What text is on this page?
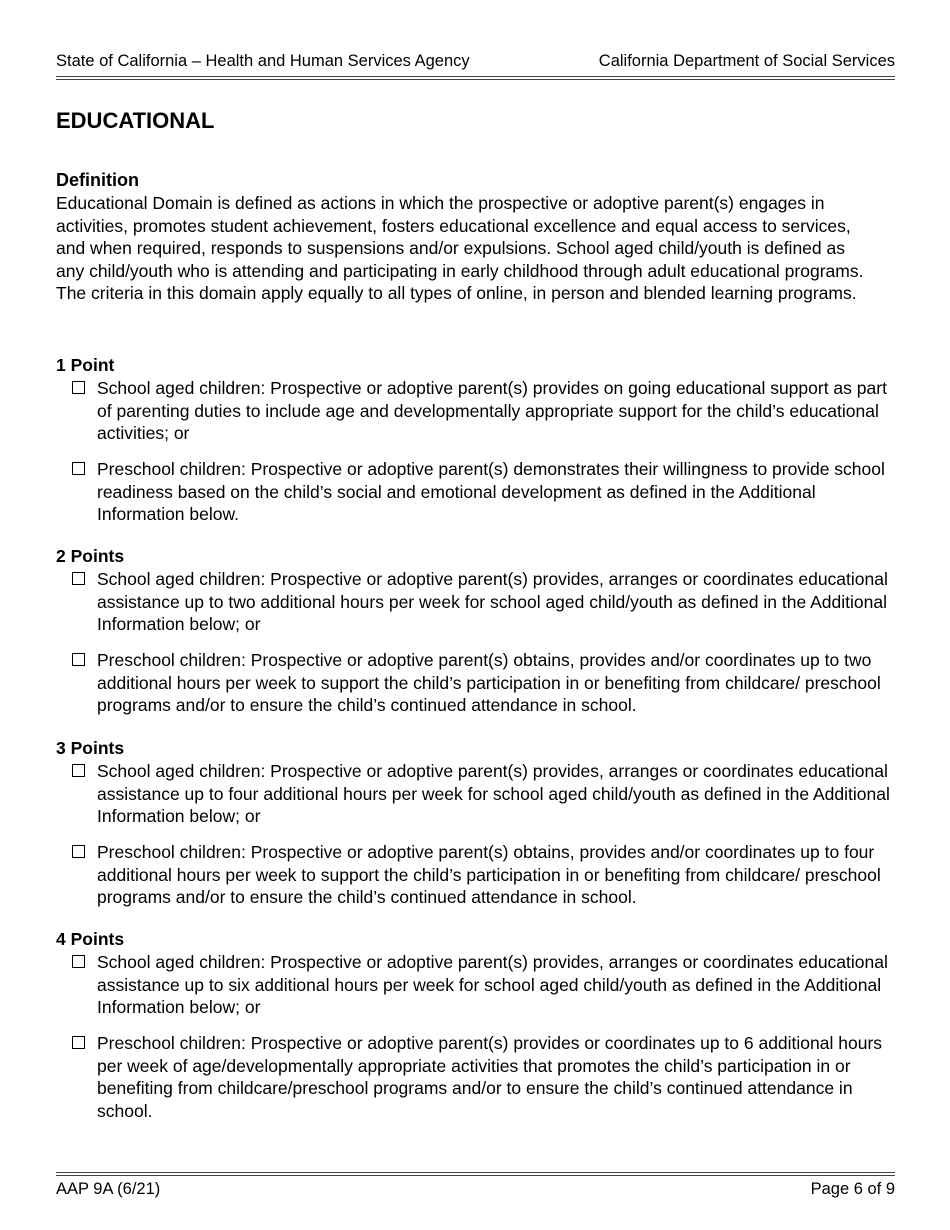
State of California – Health and Human Services Agency	California Department of Social Services
EDUCATIONAL
Definition

Educational Domain is defined as actions in which the prospective or adoptive parent(s) engages in activities, promotes student achievement, fosters educational excellence and equal access to services, and when required, responds to suspensions and/or expulsions. School aged child/youth is defined as any child/youth who is attending and participating in early childhood through adult educational programs. The criteria in this domain apply equally to all types of online, in person and blended learning programs.

1 Point
School aged children: Prospective or adoptive parent(s) provides on going educational support as part of parenting duties to include age and developmentally appropriate support for the child’s educational activities; or
Preschool children: Prospective or adoptive parent(s) demonstrates their willingness to provide school readiness based on the child’s social and emotional development as defined in the Additional Information below.
2 Points
School aged children: Prospective or adoptive parent(s) provides, arranges or coordinates educational assistance up to two additional hours per week for school aged child/youth as defined in the Additional Information below; or
Preschool children: Prospective or adoptive parent(s) obtains, provides and/or coordinates up to two additional hours per week to support the child’s participation in or benefiting from childcare/ preschool programs and/or to ensure the child’s continued attendance in school.
3 Points
School aged children: Prospective or adoptive parent(s) provides, arranges or coordinates educational assistance up to four additional hours per week for school aged child/youth as defined in the Additional Information below; or
Preschool children: Prospective or adoptive parent(s) obtains, provides and/or coordinates up to four additional hours per week to support the child’s participation in or benefiting from childcare/ preschool programs and/or to ensure the child’s continued attendance in school.
4 Points
School aged children: Prospective or adoptive parent(s) provides, arranges or coordinates educational assistance up to six additional hours per week for school aged child/youth as defined in the Additional Information below; or
Preschool children: Prospective or adoptive parent(s) provides or coordinates up to 6 additional hours per week of age/developmentally appropriate activities that promotes the child’s participation in or benefiting from childcare/preschool programs and/or to ensure the child’s continued attendance in school.
AAP 9A (6/21)	Page 6 of 9
